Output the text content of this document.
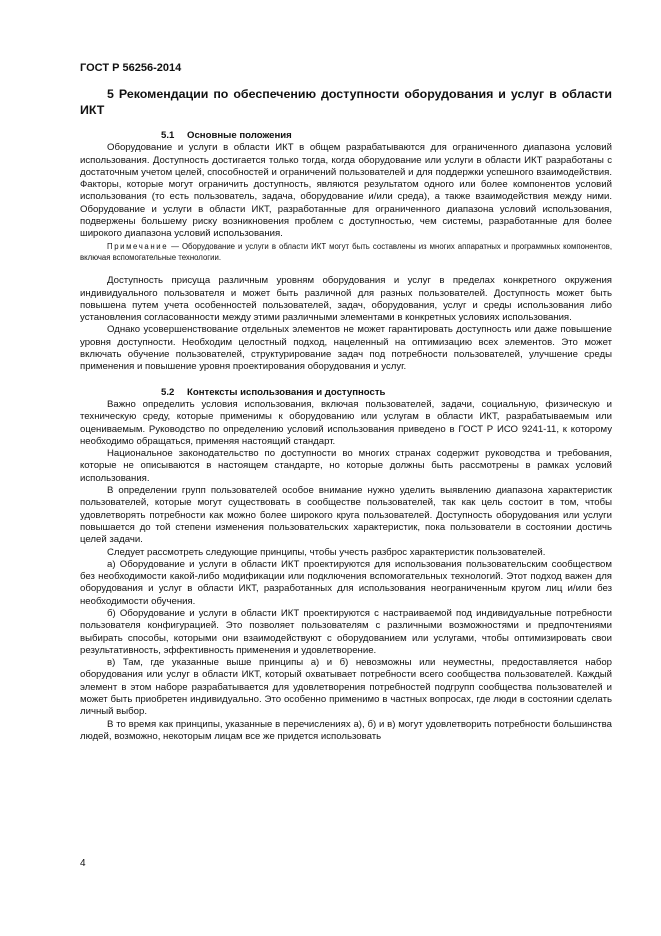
ГОСТ Р 56256-2014
5 Рекомендации по обеспечению доступности оборудования и услуг в области ИКТ

5.1 Основные положения

Оборудование и услуги в области ИКТ в общем разрабатываются для ограниченного диапазона условий использования. Доступность достигается только тогда, когда оборудование или услуги в области ИКТ разработаны с достаточным учетом целей, способностей и ограничений пользователей и для поддержки успешного взаимодействия. Факторы, которые могут ограничить доступность, являются результатом одного или более компонентов условий использования (то есть пользователь, задача, оборудование и/или среда), а также взаимодействия между ними. Оборудование и услуги в области ИКТ, разработанные для ограниченного диапазона условий использования, подвержены большему риску возникновения проблем с доступностью, чем системы, разработанные для более широкого диапазона условий использования.

Примечание — Оборудование и услуги в области ИКТ могут быть составлены из многих аппаратных и программных компонентов, включая вспомогательные технологии.

Доступность присуща различным уровням оборудования и услуг в пределах конкретного окружения индивидуального пользователя и может быть различной для разных пользователей. Доступность может быть повышена путем учета особенностей пользователей, задач, оборудования, услуг и среды использования либо установления согласованности между этими различными элементами в конкретных условиях использования.

Однако усовершенствование отдельных элементов не может гарантировать доступность или даже повышение уровня доступности. Необходим целостный подход, нацеленный на оптимизацию всех элементов. Это может включать обучение пользователей, структурирование задач под потребности пользователей, улучшение среды применения и повышение уровня проектирования оборудования и услуг.

5.2 Контексты использования и доступность

Важно определить условия использования, включая пользователей, задачи, социальную, физическую и техническую среду, которые применимы к оборудованию или услугам в области ИКТ, разрабатываемым или оцениваемым. Руководство по определению условий использования приведено в ГОСТ Р ИСО 9241-11, к которому необходимо обращаться, применяя настоящий стандарт.

Национальное законодательство по доступности во многих странах содержит руководства и требования, которые не описываются в настоящем стандарте, но которые должны быть рассмотрены в рамках условий использования.

В определении групп пользователей особое внимание нужно уделить выявлению диапазона характеристик пользователей, которые могут существовать в сообществе пользователей, так как цель состоит в том, чтобы удовлетворять потребности как можно более широкого круга пользователей. Доступность оборудования или услуги повышается до той степени изменения пользовательских характеристик, пока пользователи в состоянии достичь целей задачи.

Следует рассмотреть следующие принципы, чтобы учесть разброс характеристик пользователей.

а) Оборудование и услуги в области ИКТ проектируются для использования пользовательским сообществом без необходимости какой-либо модификации или подключения вспомогательных технологий. Этот подход важен для оборудования и услуг в области ИКТ, разработанных для использования неограниченным кругом лиц и/или без необходимости обучения.

б) Оборудование и услуги в области ИКТ проектируются с настраиваемой под индивидуальные потребности пользователя конфигурацией. Это позволяет пользователям с различными возможностями и предпочтениями выбирать способы, которыми они взаимодействуют с оборудованием или услугами, чтобы оптимизировать свои результативность, эффективность применения и удовлетворение.

в) Там, где указанные выше принципы а) и б) невозможны или неуместны, предоставляется набор оборудования или услуг в области ИКТ, который охватывает потребности всего сообщества пользователей. Каждый элемент в этом наборе разрабатывается для удовлетворения потребностей подгрупп сообщества пользователей и может быть приобретен индивидуально. Это особенно применимо в частных вопросах, где люди в состоянии сделать личный выбор.

В то время как принципы, указанные в перечислениях а), б) и в) могут удовлетворить потребности большинства людей, возможно, некоторым лицам все же придется использовать

4
